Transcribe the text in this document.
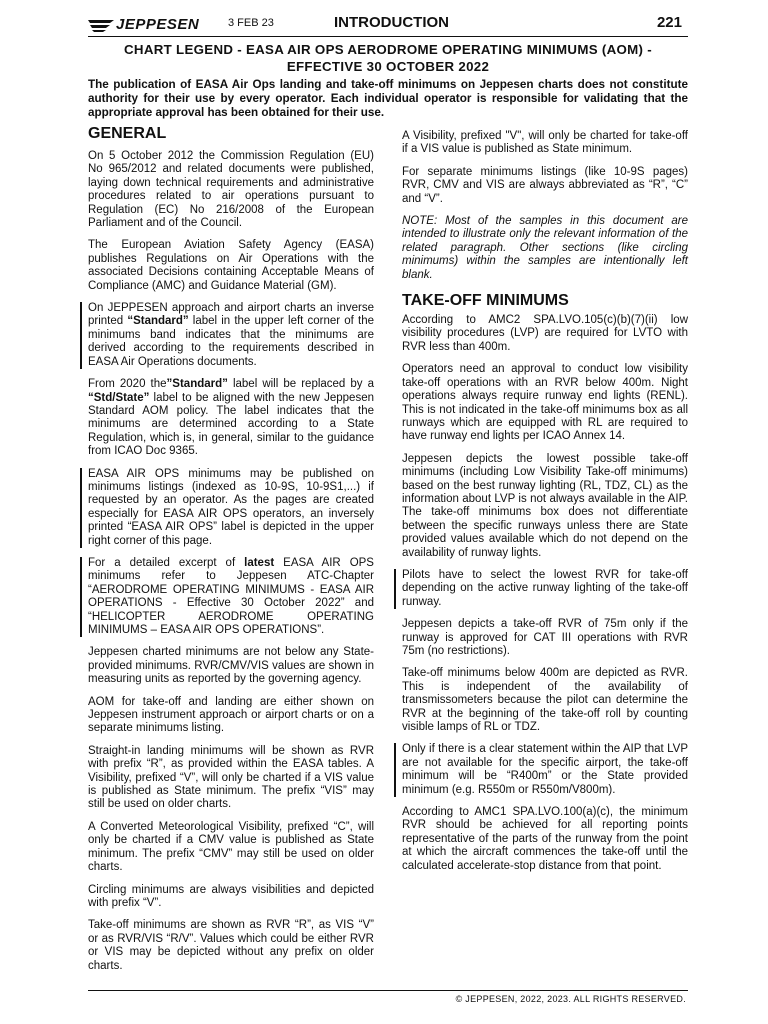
JEPPESEN	3 FEB 23	INTRODUCTION	221
CHART LEGEND - EASA AIR OPS AERODROME OPERATING MINIMUMS (AOM) - EFFECTIVE 30 OCTOBER 2022
The publication of EASA Air Ops landing and take-off minimums on Jeppesen charts does not constitute authority for their use by every operator. Each individual operator is responsible for validating that the appropriate approval has been obtained for their use.
GENERAL

On 5 October 2012 the Commission Regulation (EU) No 965/2012 and related documents were published, laying down technical requirements and administrative procedures related to air operations pursuant to Regulation (EC) No 216/2008 of the European Parliament and of the Council.

The European Aviation Safety Agency (EASA) publishes Regulations on Air Operations with the associated Decisions containing Acceptable Means of Compliance (AMC) and Guidance Material (GM).

On JEPPESEN approach and airport charts an inverse printed “Standard” label in the upper left corner of the minimums band indicates that the minimums are derived according to the requirements described in EASA Air Operations documents.

From 2020 the”Standard” label will be replaced by a “Std/State” label to be aligned with the new Jeppesen Standard AOM policy. The label indicates that the minimums are determined according to a State Regulation, which is, in general, similar to the guidance from ICAO Doc 9365.

EASA AIR OPS minimums may be published on minimums listings (indexed as 10-9S, 10-9S1,...) if requested by an operator. As the pages are created especially for EASA AIR OPS operators, an inversely printed “EASA AIR OPS” label is depicted in the upper right corner of this page.

For a detailed excerpt of latest EASA AIR OPS minimums refer to Jeppesen ATC-Chapter “AERODROME OPERATING MINIMUMS - EASA AIR OPERATIONS - Effective 30 October 2022” and “HELICOPTER AERODROME OPERATING MINIMUMS – EASA AIR OPS OPERATIONS”.

Jeppesen charted minimums are not below any State-provided minimums. RVR/CMV/VIS values are shown in measuring units as reported by the governing agency.

AOM for take-off and landing are either shown on Jeppesen instrument approach or airport charts or on a separate minimums listing.

Straight-in landing minimums will be shown as RVR with prefix “R”, as provided within the EASA tables. A Visibility, prefixed “V”, will only be charted if a VIS value is published as State minimum. The prefix “VIS” may still be used on older charts.

A Converted Meteorological Visibility, prefixed “C”, will only be charted if a CMV value is published as State minimum. The prefix “CMV” may still be used on older charts.

Circling minimums are always visibilities and depicted with prefix “V”.

Take-off minimums are shown as RVR “R”, as VIS “V” or as RVR/VIS “R/V”. Values which could be either RVR or VIS may be depicted without any prefix on older charts.

A Visibility, prefixed "V", will only be charted for take-off if a VIS value is published as State minimum.

For separate minimums listings (like 10-9S pages) RVR, CMV and VIS are always abbreviated as “R”, “C” and “V”.

NOTE: Most of the samples in this document are intended to illustrate only the relevant information of the related paragraph. Other sections (like circling minimums) within the samples are intentionally left blank.

TAKE-OFF MINIMUMS

According to AMC2 SPA.LVO.105(c)(b)(7)(ii) low visibility procedures (LVP) are required for LVTO with RVR less than 400m.

Operators need an approval to conduct low visibility take-off operations with an RVR below 400m. Night operations always require runway end lights (RENL). This is not indicated in the take-off minimums box as all runways which are equipped with RL are required to have runway end lights per ICAO Annex 14.

Jeppesen depicts the lowest possible take-off minimums (including Low Visibility Take-off minimums) based on the best runway lighting (RL, TDZ, CL) as the information about LVP is not always available in the AIP. The take-off minimums box does not differentiate between the specific runways unless there are State provided values available which do not depend on the availability of runway lights.

Pilots have to select the lowest RVR for take-off depending on the active runway lighting of the take-off runway.

Jeppesen depicts a take-off RVR of 75m only if the runway is approved for CAT III operations with RVR 75m (no restrictions).

Take-off minimums below 400m are depicted as RVR. This is independent of the availability of transmissometers because the pilot can determine the RVR at the beginning of the take-off roll by counting visible lamps of RL or TDZ.

Only if there is a clear statement within the AIP that LVP are not available for the specific airport, the take-off minimum will be “R400m” or the State provided minimum (e.g. R550m or R550m/V800m).

According to AMC1 SPA.LVO.100(a)(c), the minimum RVR should be achieved for all reporting points representative of the parts of the runway from the point at which the aircraft commences the take-off until the calculated accelerate-stop distance from that point.

© JEPPESEN, 2022, 2023. ALL RIGHTS RESERVED.
